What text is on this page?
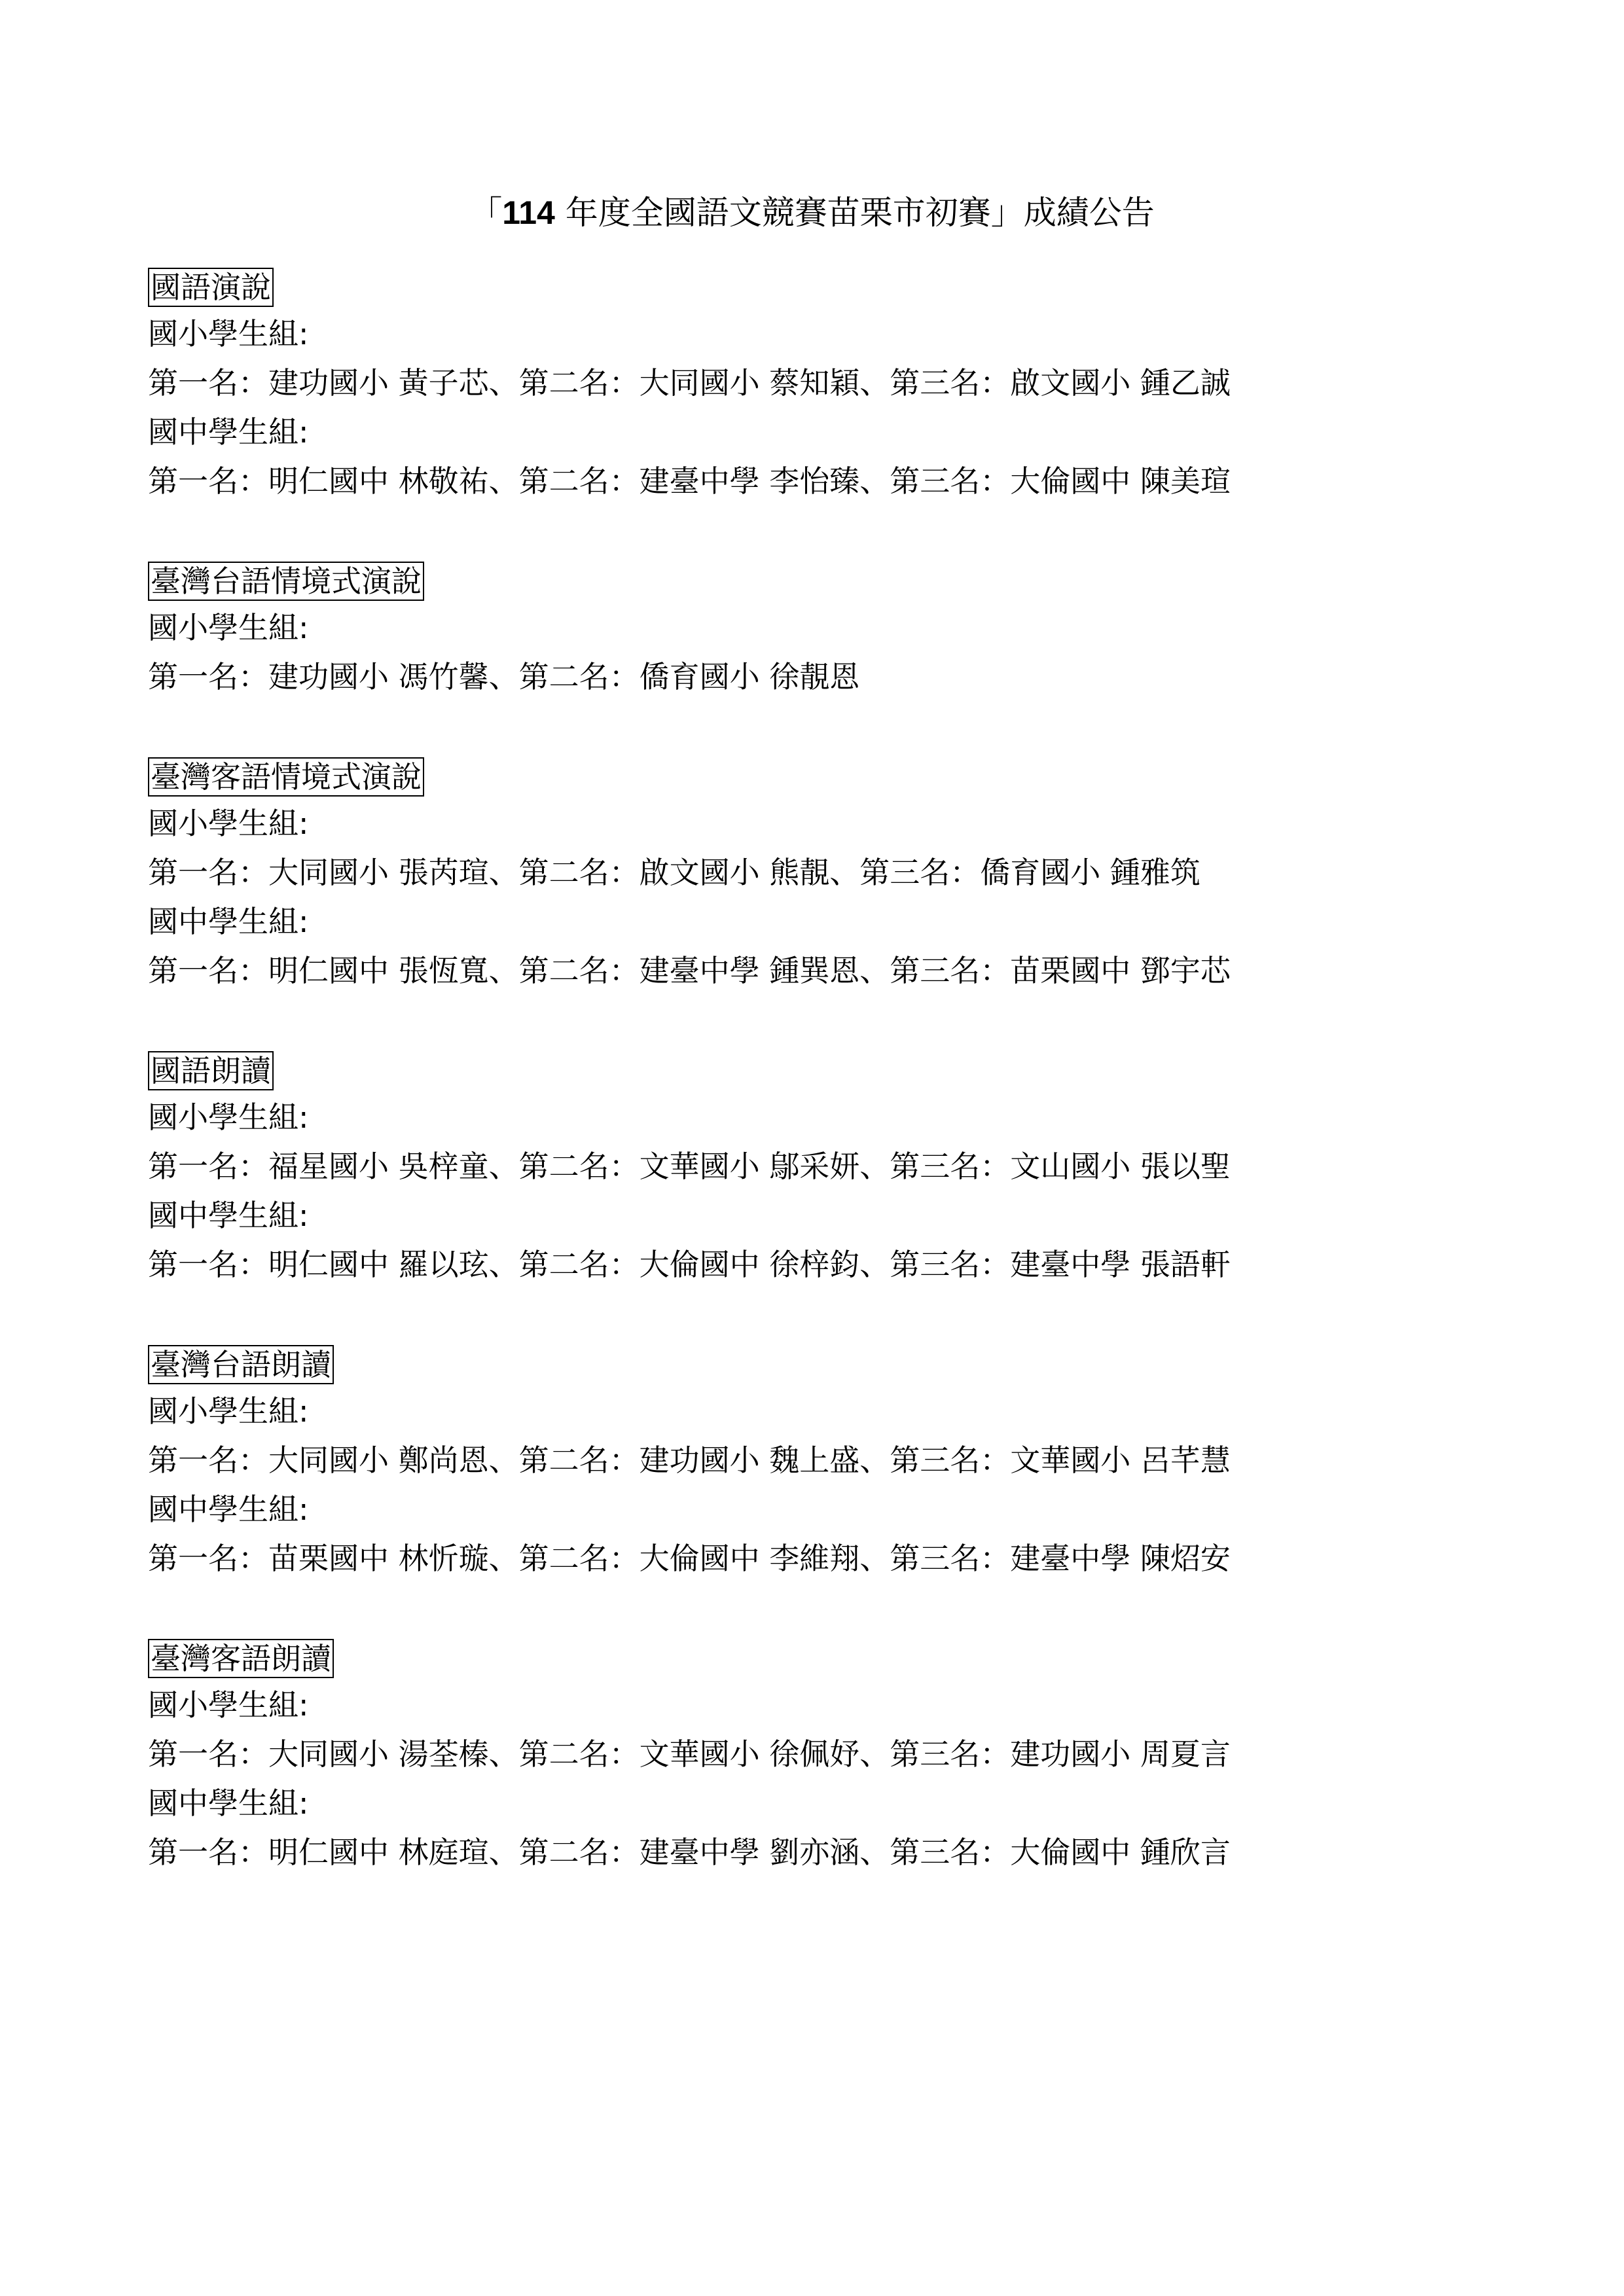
「114 年度全國語文競賽苗栗市初賽」成績公告
國語演說
國小學生組:
第一名：建功國小 黃子芯、第二名：大同國小 蔡知穎、第三名：啟文國小 鍾乙誠
國中學生組:
第一名：明仁國中 林敬祐、第二名：建臺中學 李怡臻、第三名：大倫國中 陳美瑄
臺灣台語情境式演說
國小學生組:
第一名：建功國小 馮竹馨、第二名：僑育國小 徐靚恩
臺灣客語情境式演說
國小學生組:
第一名：大同國小 張芮瑄、第二名：啟文國小 熊靚、第三名：僑育國小 鍾雅筑
國中學生組:
第一名：明仁國中 張恆寬、第二名：建臺中學 鍾巽恩、第三名：苗栗國中 鄧宇芯
國語朗讀
國小學生組:
第一名：福星國小 吳梓童、第二名：文華國小 鄔采妍、第三名：文山國小 張以聖
國中學生組:
第一名：明仁國中 羅以玹、第二名：大倫國中 徐梓鈞、第三名：建臺中學 張語軒
臺灣台語朗讀
國小學生組:
第一名：大同國小 鄭尚恩、第二名：建功國小 魏上盛、第三名：文華國小 呂芊慧
國中學生組:
第一名：苗栗國中 林忻璇、第二名：大倫國中 李維翔、第三名：建臺中學 陳炤安
臺灣客語朗讀
國小學生組:
第一名：大同國小 湯荃榛、第二名：文華國小 徐佩妤、第三名：建功國小 周夏言
國中學生組:
第一名：明仁國中 林庭瑄、第二名：建臺中學 劉亦涵、第三名：大倫國中 鍾欣言
